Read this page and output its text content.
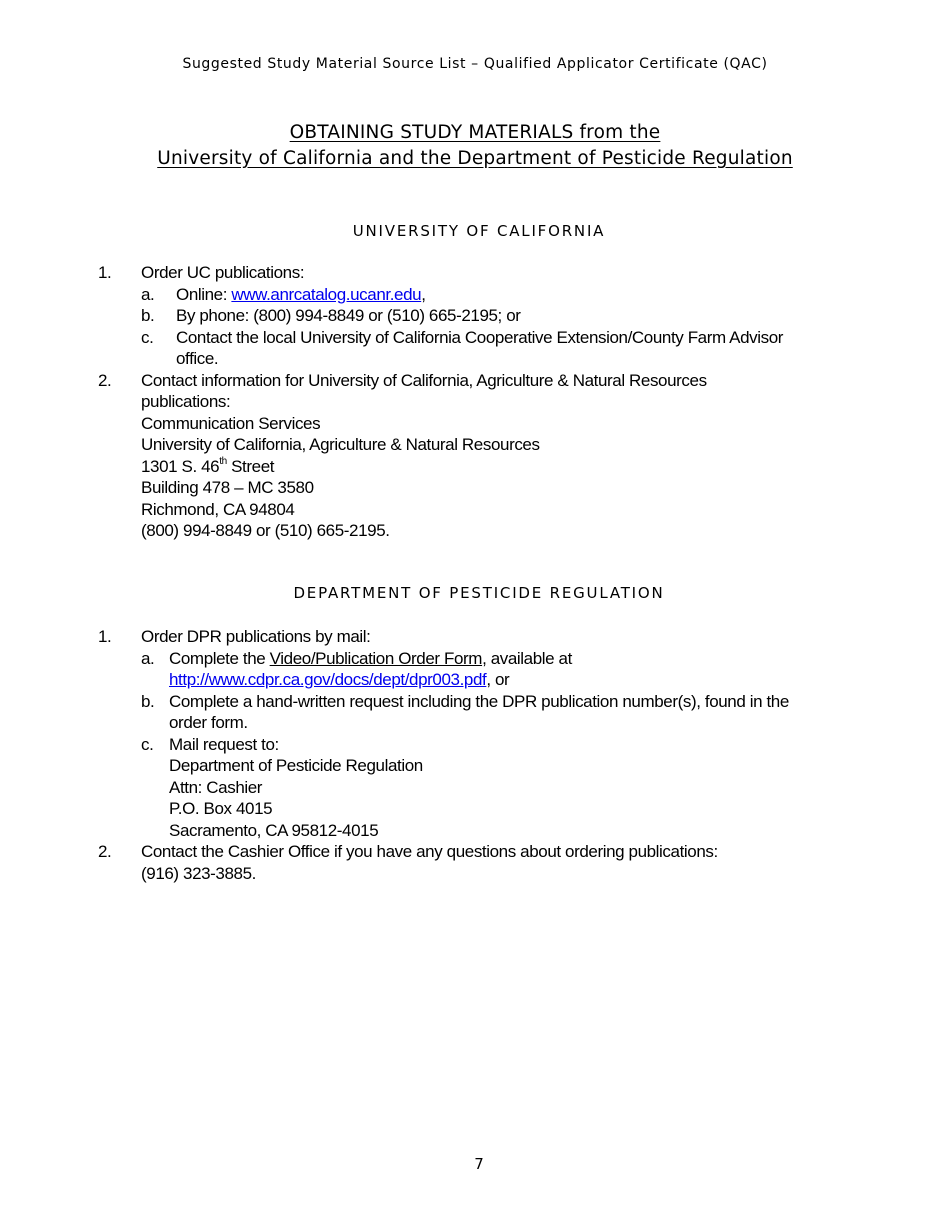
Suggested Study Material Source List – Qualified Applicator Certificate (QAC)
OBTAINING STUDY MATERIALS from the
University of California and the Department of Pesticide Regulation
UNIVERSITY OF CALIFORNIA
1. Order UC publications:
a. Online: www.anrcatalog.ucanr.edu,
b. By phone: (800) 994-8849 or (510) 665-2195; or
c. Contact the local University of California Cooperative Extension/County Farm Advisor
office.
2. Contact information for University of California, Agriculture & Natural Resources
publications:
Communication Services
University of California, Agriculture & Natural Resources
1301 S. 46th Street
Building 478 – MC 3580
Richmond, CA 94804
(800) 994-8849 or (510) 665-2195.
DEPARTMENT OF PESTICIDE REGULATION
1. Order DPR publications by mail:
a. Complete the Video/Publication Order Form, available at
http://www.cdpr.ca.gov/docs/dept/dpr003.pdf, or
b. Complete a hand-written request including the DPR publication number(s), found in the
order form.
c. Mail request to:
Department of Pesticide Regulation
Attn: Cashier
P.O. Box 4015
Sacramento, CA 95812-4015
2. Contact the Cashier Office if you have any questions about ordering publications:
(916) 323-3885.
7
